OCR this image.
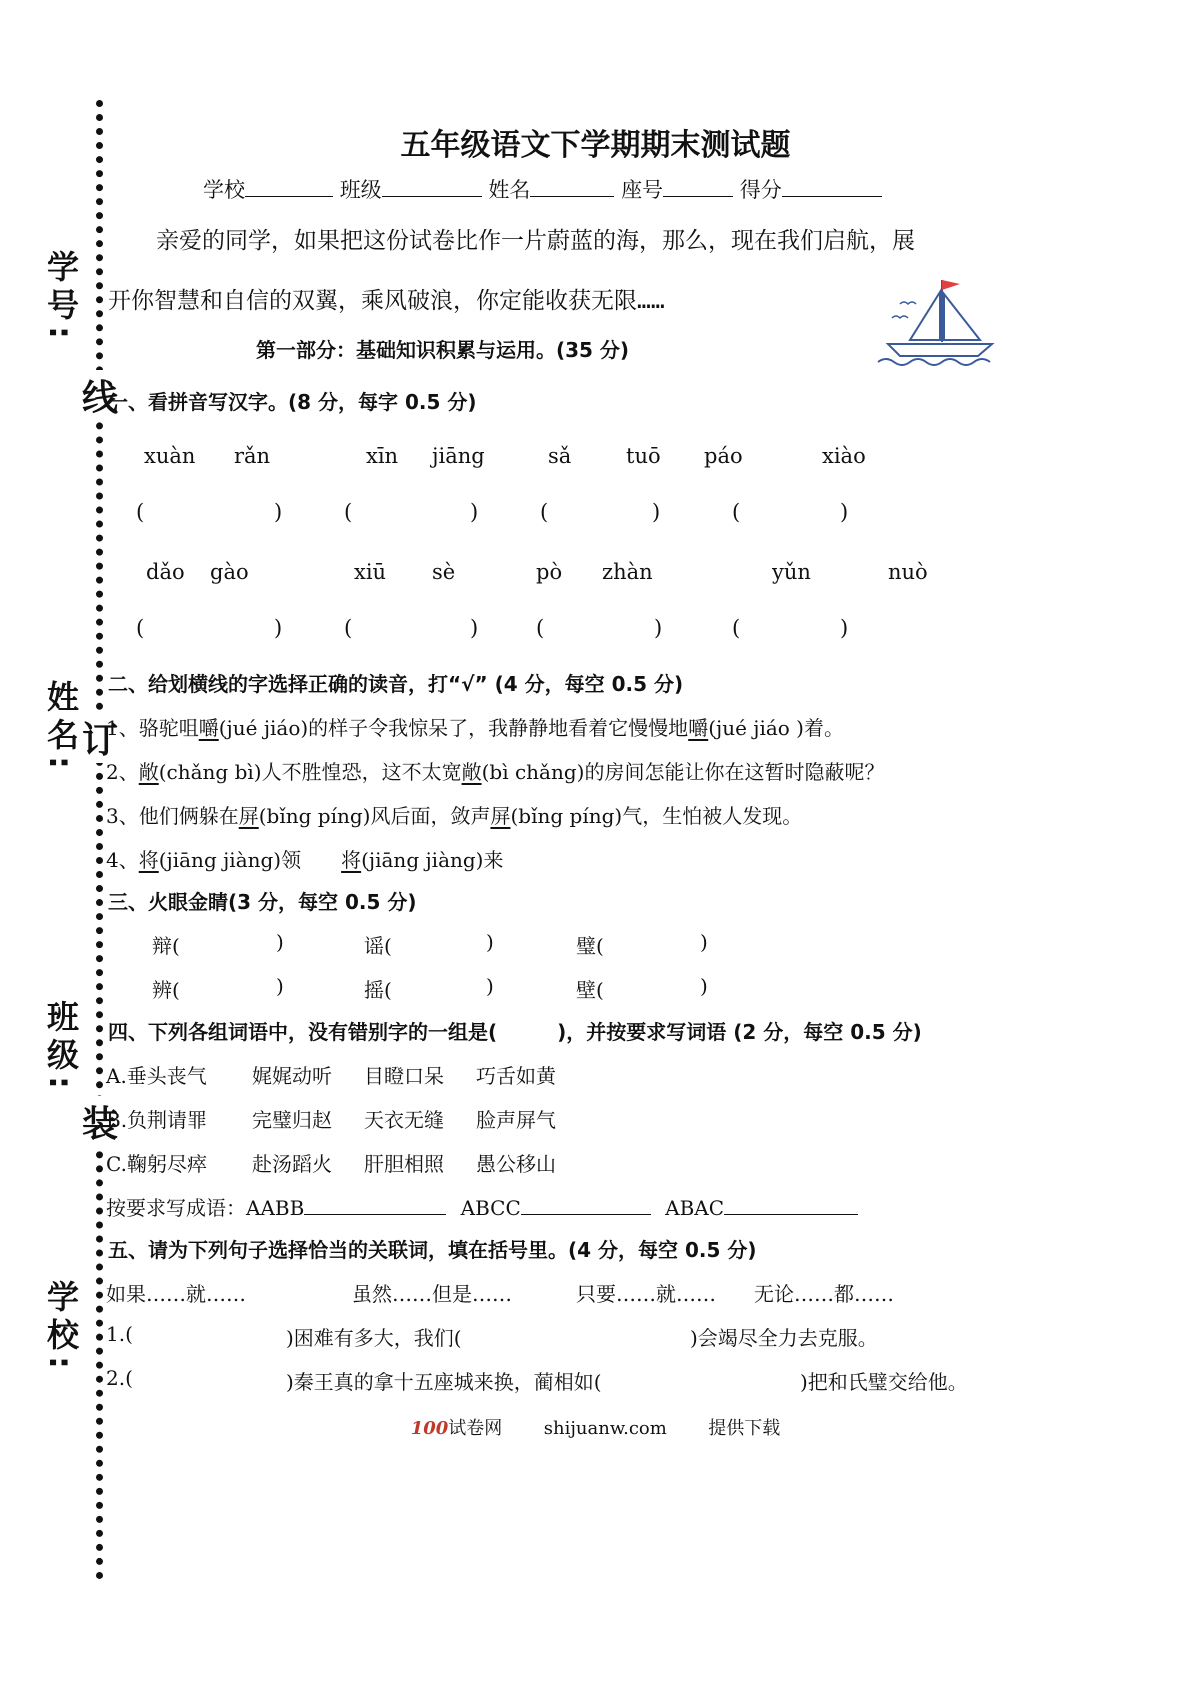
学号:
姓名:
班级:
学校:
线
订
装
五年级语文下学期期末测试题
学校	班级	姓名	座号	得分
亲爱的同学，如果把这份试卷比作一片蔚蓝的海，那么，现在我们启航，展
开你智慧和自信的双翼，乘风破浪，你定能收获无限……
第一部分：基础知识积累与运用。(35 分)
一、看拼音写汉字。(8 分，每字 0.5 分)
xuàn rǎn	xīn jiāng	sǎ	tuō páo	xiào
(	)	(	)	(	)	(	)
dǎo gào	xiū sè	pò zhàn	yǔn	nuò
(	)	(	)	(	)	(	)
二、给划横线的字选择正确的读音，打“√” (4 分，每空 0.5 分)
1、骆驼咀嚼(jué jiáo)的样子令我惊呆了，我静静地看着它慢慢地嚼(jué jiáo )着。
2、敞(chǎng bì)人不胜惶恐，这不太宽敞(bì chǎng)的房间怎能让你在这暂时隐蔽呢？
3、他们俩躲在屏(bǐng píng)风后面，敛声屏(bǐng píng)气，生怕被人发现。
4、将(jiāng jiàng)领 将(jiāng jiàng)来
三、火眼金睛(3 分，每空 0.5 分)
辩(	)	谣(	)	璧(	)
辨(	)	摇(	)	壁(	)
四、下列各组词语中，没有错别字的一组是(	)，并按要求写词语 (2 分，每空 0.5 分)
A.垂头丧气 娓娓动听 目瞪口呆 巧舌如黄
B.负荆请罪 完璧归赵 天衣无缝 脸声屏气
C.鞠躬尽瘁 赴汤蹈火 肝胆相照 愚公移山
按要求写成语：AABB	ABCC	ABAC
五、请为下列句子选择恰当的关联词，填在括号里。(4 分，每空 0.5 分)
如果……就……	虽然……但是……	只要……就…… 无论……都……
1.(	)困难有多大，我们(	)会竭尽全力去克服。
2.(	)秦王真的拿十五座城来换，蔺相如(	)把和氏璧交给他。
100试卷网 shijuanw.com 提供下载
